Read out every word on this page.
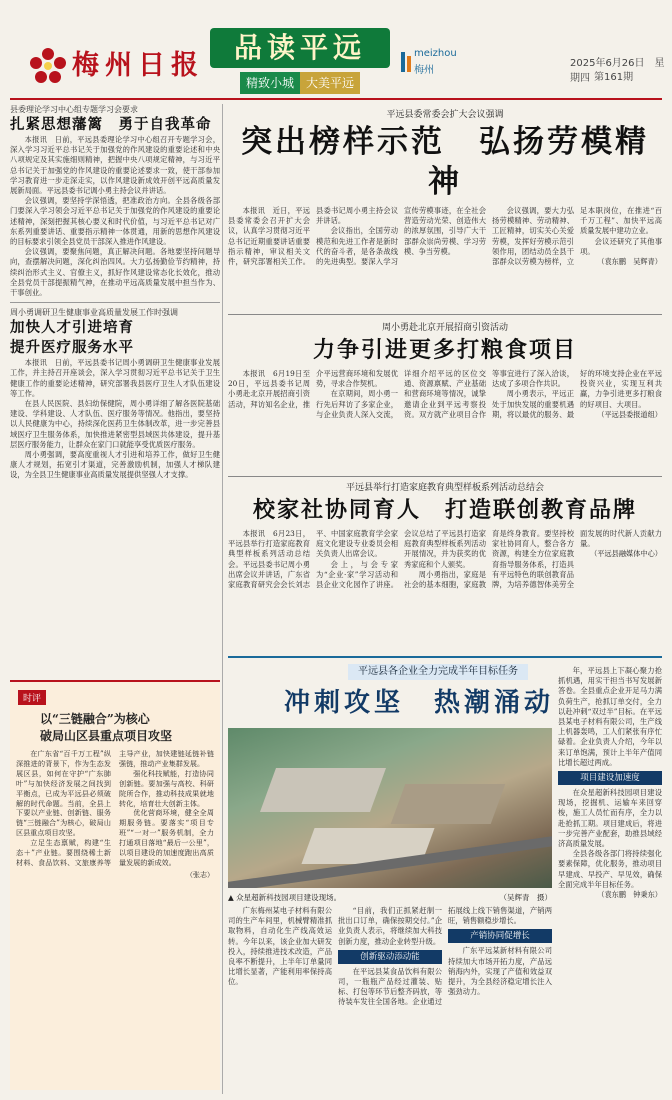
梅州日报
品读平远
精致小城 大美平远
meizhou
梅州
2025年6月26日　星期四 第161期
县委理论学习中心组专题学习会要求
扎紧思想藩篱　勇于自我革命

本报讯　日前，平远县委理论学习中心组召开专题学习会，深入学习习近平总书记关于加强党的作风建设的重要论述和中央八项规定及其实施细则精神，把握中央八项规定精神，与习近平总书记关于加强党的作风建设的重要论述要求一致，使干部参加学习教育进一步走深走实，以作风建设新成效开创平远高质量发展新局面。平远县委书记调小勇主持会议并讲话。

会议强调，要坚持学深悟透，把准政治方向。全县各级各部门要深入学习领会习近平总书记关于加强党的作风建设的重要论述精神，深刻把握其核心要义和时代价值，与习近平总书记对广东系列重要讲话、重要指示精神一体贯通，用新的思想作风建设的目标要求引领全县党员干部深入推进作风建设。

会议强调，要聚焦问题，真正解决问题。各地要坚持问题导向，查摆解决问题，深化纠治四风。大力弘扬勤俭节约精神，持续纠治形式主义、官僚主义，抓好作风建设常态化长效化，推动全县党员干部提振精气神，在推动平远高质量发展中担当作为、干事创业。

周小勇调研卫生健康事业高质量发展工作时强调
加快人才引进培育
提升医疗服务水平

本报讯　日前，平远县委书记周小勇调研卫生健康事业发展工作，并主持召开座谈会，深入学习贯彻习近平总书记关于卫生健康工作的重要论述精神，研究部署我县医疗卫生人才队伍建设等工作。

在县人民医院、县妇幼保健院，周小勇详细了解各医院基础建设、学科建设、人才队伍、医疗服务等情况。他指出，要坚持以人民健康为中心，持续深化医药卫生体制改革，进一步完善县域医疗卫生服务体系，加快推进紧密型县域医共体建设，提升基层医疗服务能力，让群众在家门口就能享受优质医疗服务。

周小勇强调，要高度重视人才引进和培养工作，做好卫生健康人才规划，拓宽引才渠道，完善激励机制，加强人才梯队建设，为全县卫生健康事业高质量发展提供坚强人才支撑。

时评
以“三链融合”为核心
破局山区县重点项目攻坚

在广东省“百千万工程”纵深推进的背景下，作为生态发展区县，如何在守护“广东肺叶”与加快经济发展之间找到平衡点，已成为平远县必须破解的时代命题。当前，全县上下要以产业链、创新链、服务链“三链融合”为核心，破局山区县重点项目攻坚。

立足生态禀赋，构建“生态＋”产业链。要围绕稀土新材料、食品饮料、文旅康养等主导产业，加快建链延链补链强链，推动产业集群发展。

强化科技赋能，打造协同创新链。要加强与高校、科研院所合作，推动科技成果就地转化，培育壮大创新主体。

优化营商环境，健全全周期服务链。要落实“项目专班”“一对一”服务机制，全力打通项目落地“最后一公里”，以项目建设的加速度跑出高质量发展的新成效。

（张志）
平远县委常委会扩大会议强调
突出榜样示范　弘扬劳模精神

本报讯　近日，平远县委常委会召开扩大会议，认真学习贯彻习近平总书记近期重要讲话重要指示精神，审议相关文件，研究部署相关工作。县委书记周小勇主持会议并讲话。

会议指出，全国劳动模范和先进工作者是新时代的奋斗者，是各条战线的先进典型。要深入学习宣传劳模事迹，在全社会营造劳动光荣、创造伟大的浓厚氛围，引导广大干部群众崇尚劳模、学习劳模、争当劳模。

会议强调，要大力弘扬劳模精神、劳动精神、工匠精神，切实关心关爱劳模，发挥好劳模示范引领作用，团结动员全县干部群众以劳模为榜样，立足本职岗位，在推进“百千万工程”、加快平远高质量发展中建功立业。

会议还研究了其他事项。

（袁东鹏　吴辉青）
周小勇赴北京开展招商引资活动
力争引进更多打粮食项目

本报讯　6月19日至20日，平远县委书记周小勇赴北京开展招商引资活动，拜访知名企业，推介平远营商环境和发展优势，寻求合作契机。

在京期间，周小勇一行先后拜访了多家企业，与企业负责人深入交流，详细介绍平远的区位交通、资源禀赋、产业基础和营商环境等情况，诚挚邀请企业到平远考察投资。双方就产业项目合作等事宜进行了深入洽谈，达成了多项合作共识。

周小勇表示，平远正处于加快发展的重要机遇期，将以最优的服务、最好的环境支持企业在平远投资兴业，实现互利共赢，力争引进更多打粮食的好项目、大项目。

（平远县委报道组）
平远县举行打造家庭教育典型样板系列活动总结会
校家社协同育人　打造联创教育品牌

本报讯　6月23日，平远县举行打造家庭教育典型样板系列活动总结会。平远县委书记周小勇出席会议并讲话，广东省家庭教育研究会会长刘志平、中国家庭教育学会家庭文化建设专业委员会相关负责人出席会议。

会上，与会专家为“企业·家”学习活动和县企业文化园作了讲座。会议总结了平远县打造家庭教育典型样板系列活动开展情况，并为获奖的优秀家庭和个人颁奖。

周小勇指出，家庭是社会的基本细胞，家庭教育是终身教育。要坚持校家社协同育人，整合各方资源，构建全方位家庭教育指导服务体系，打造具有平远特色的联创教育品牌，为培养德智体美劳全面发展的时代新人贡献力量。

（平远县融媒体中心）
平远县各企业全力完成半年目标任务
冲刺攻坚　热潮涌动

年，平远县上下凝心聚力抢抓机遇，用实干担当书写发展新答卷。全县重点企业开足马力满负荷生产，抢抓订单交付，全力以赴冲刺“双过半”目标。在平远县某电子材料有限公司，生产线上机器轰鸣，工人们紧张有序忙碌着。企业负责人介绍，今年以来订单饱满，预计上半年产值同比增长超过两成。

项目建设加速度

在众星超新科技园项目建设现场，挖掘机、运输车来回穿梭，施工人员忙而有序，全力以赴抢抓工期。项目建成后，将进一步完善产业配套，助推县域经济高质量发展。

全县各级各部门将持续强化要素保障，优化服务，推动项目早建成、早投产、早见效，确保全面完成半年目标任务。

（袁东鹏　钟秉东）
▲ 众星超新科技园项目建设现场。	（吴辉青　摄）

广东梅州某电子材料有限公司的生产车间里，机械臂精准抓取物料，自动化生产线高效运转。今年以来，该企业加大研发投入，持续推进技术改造，产品良率不断提升，上半年订单量同比增长显著，产能利用率保持高位。

“目前，我们正抓紧赶制一批出口订单，确保按期交付。”企业负责人表示，将继续加大科技创新力度，推动企业转型升级。

创新驱动添动能

在平远县某食品饮料有限公司，一瓶瓶产品经过灌装、贴标、打包等环节后整齐码放，等待装车发往全国各地。企业通过拓展线上线下销售渠道，产销两旺，销售额稳步增长。

产销协同促增长

广东平远某新材料有限公司持续加大市场开拓力度，产品远销海内外，实现了产值和效益双提升，为全县经济稳定增长注入强劲动力。
